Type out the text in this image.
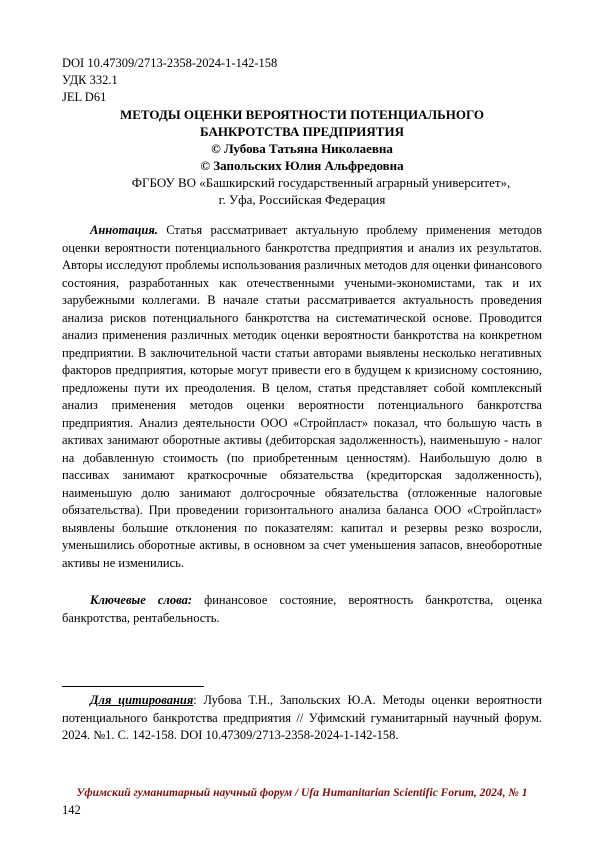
DOI 10.47309/2713-2358-2024-1-142-158
УДК 332.1
JEL D61
МЕТОДЫ ОЦЕНКИ ВЕРОЯТНОСТИ ПОТЕНЦИАЛЬНОГО
БАНКРОТСТВА ПРЕДПРИЯТИЯ
© Лубова Татьяна Николаевна
© Запольских Юлия Альфредовна
ФГБОУ ВО «Башкирский государственный аграрный университет»,
г. Уфа, Российская Федерация
Аннотация. Статья рассматривает актуальную проблему применения методов оценки вероятности потенциального банкротства предприятия и анализ их результатов. Авторы исследуют проблемы использования различных методов для оценки финансового состояния, разработанных как отечественными учеными-экономистами, так и их зарубежными коллегами. В начале статьи рассматривается актуальность проведения анализа рисков потенциального банкротства на систематической основе. Проводится анализ применения различных методик оценки вероятности банкротства на конкретном предприятии. В заключительной части статьи авторами выявлены несколько негативных факторов предприятия, которые могут привести его в будущем к кризисному состоянию, предложены пути их преодоления. В целом, статья представляет собой комплексный анализ применения методов оценки вероятности потенциального банкротства предприятия. Анализ деятельности ООО «Стройпласт» показал, что большую часть в активах занимают оборотные активы (дебиторская задолженность), наименьшую - налог на добавленную стоимость (по приобретенным ценностям). Наибольшую долю в пассивах занимают краткосрочные обязательства (кредиторская задолженность), наименьшую долю занимают долгосрочные обязательства (отложенные налоговые обязательства). При проведении горизонтального анализа баланса ООО «Стройпласт» выявлены большие отклонения по показателям: капитал и резервы резко возросли, уменьшились оборотные активы, в основном за счет уменьшения запасов, внеоборотные активы не изменились.
Ключевые слова: финансовое состояние, вероятность банкротства, оценка банкротства, рентабельность.
Для цитирования: Лубова Т.Н., Запольских Ю.А. Методы оценки вероятности потенциального банкротства предприятия // Уфимский гуманитарный научный форум. 2024. №1. С. 142-158. DOI 10.47309/2713-2358-2024-1-142-158.
Уфимский гуманитарный научный форум / Ufa Humanitarian Scientific Forum, 2024, № 1
142
